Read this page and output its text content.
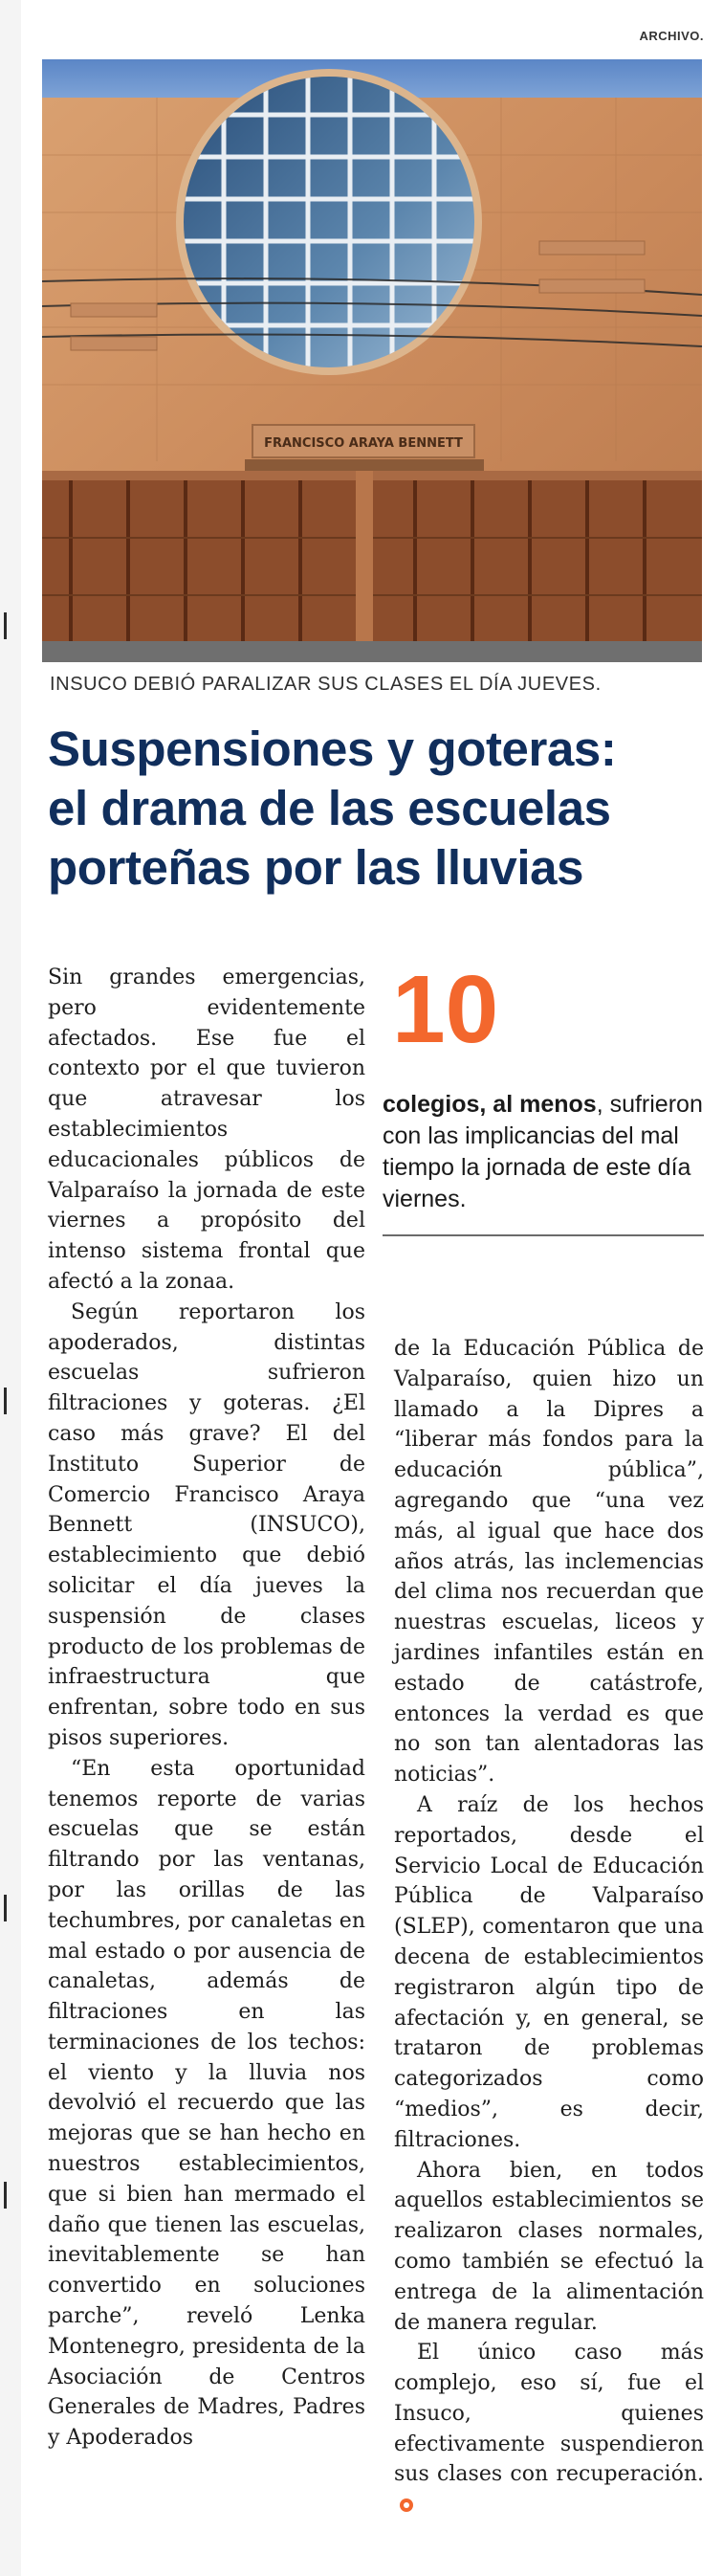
ARCHIVO.
FRANCISCO ARAYA BENNETT
INSUCO DEBIÓ PARALIZAR SUS CLASES EL DÍA JUEVES.
Suspensiones y goteras:
el drama de las escuelas
porteñas por las lluvias
10
colegios, al menos, sufrieron con las implicancias del mal tiempo la jornada de este día viernes.

Sin grandes emergencias, pero evidentemente afectados. Ese fue el contexto por el que tuvieron que atravesar los establecimientos educacionales públicos de Valparaíso la jornada de este viernes a propósito del intenso sistema frontal que afectó a la zonaa.

Según reportaron los apoderados, distintas escuelas sufrieron filtraciones y goteras. ¿El caso más grave? El del Instituto Superior de Comercio Francisco Araya Bennett (INSUCO), establecimiento que debió solicitar el día jueves la suspensión de clases producto de los problemas de infraestructura que enfrentan, sobre todo en sus pisos superiores.

“En esta oportunidad tenemos reporte de varias escuelas que se están filtrando por las ventanas, por las orillas de las techumbres, por canaletas en mal estado o por ausencia de canaletas, además de filtraciones en las terminaciones de los techos: el viento y la lluvia nos devolvió el recuerdo que las mejoras que se han hecho en nuestros establecimientos, que si bien han mermado el daño que tienen las escuelas, inevitablemente se han convertido en soluciones parche”, reveló Lenka Montenegro, presidenta de la Asociación de Centros Generales de Madres, Padres y Apoderados

de la Educación Pública de Valparaíso, quien hizo un llamado a la Dipres a “liberar más fondos para la educación pública”, agregando que “una vez más, al igual que hace dos años atrás, las inclemencias del clima nos recuerdan que nuestras escuelas, liceos y jardines infantiles están en estado de catástrofe, entonces la verdad es que no son tan alentadoras las noticias”.

A raíz de los hechos reportados, desde el Servicio Local de Educación Pública de Valparaíso (SLEP), comentaron que una decena de establecimientos registraron algún tipo de afectación y, en general, se trataron de problemas categorizados como “medios”, es decir, filtraciones.

Ahora bien, en todos aquellos establecimientos se realizaron clases normales, como también se efectuó la entrega de la alimentación de manera regular.

El único caso más complejo, eso sí, fue el Insuco, quienes efectivamente suspendieron sus clases con recuperación.
